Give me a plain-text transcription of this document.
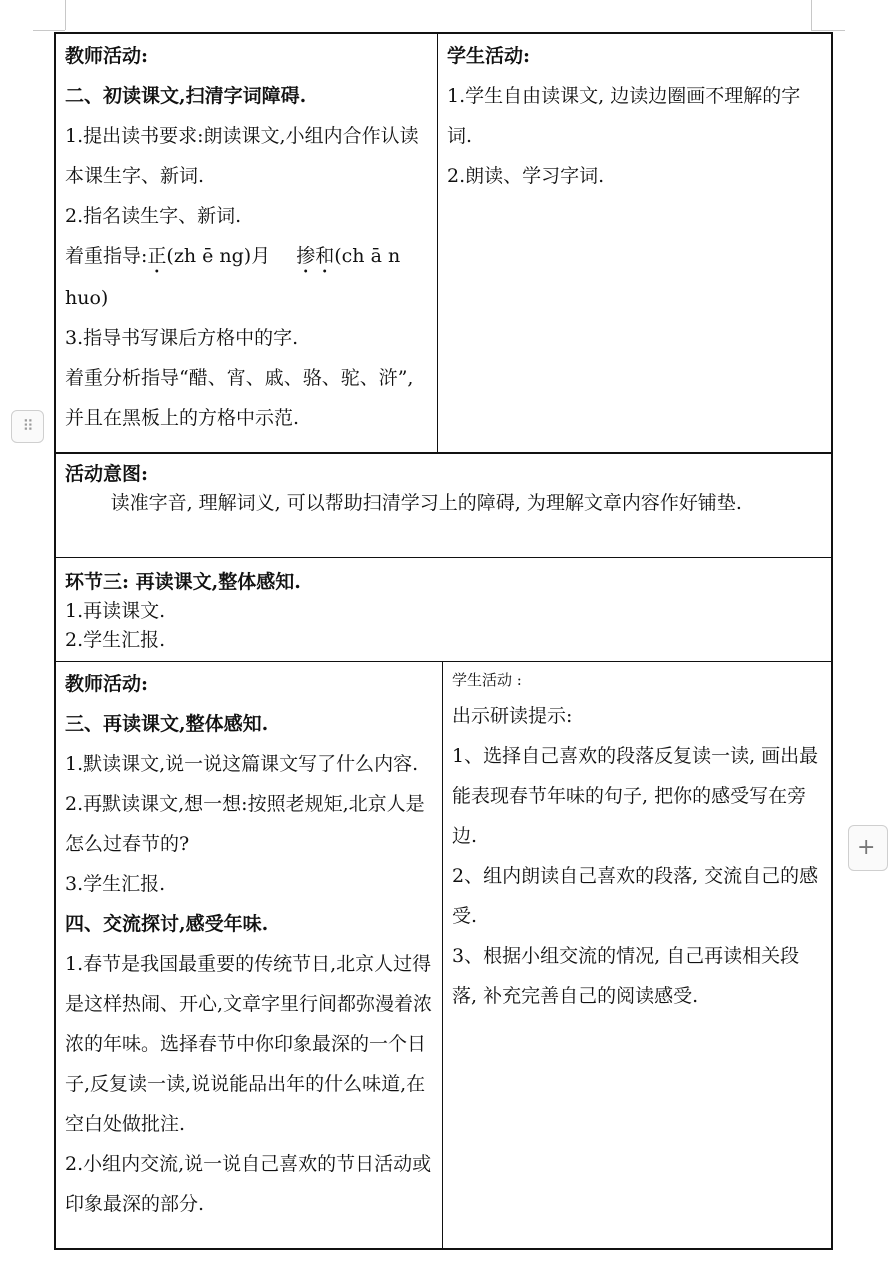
⠿
+

教师活动:

二、初读课文,扫清字词障碍.

1.提出读书要求:朗读课文,小组内合作认读本课生字、新词.

2.指名读生字、新词.

着重指导:正(zh ē ng)月 掺和(ch ā n huo)

3.指导书写课后方格中的字.

着重分析指导“醋、宵、戚、骆、驼、浒”,并且在黑板上的方格中示范.

学生活动:

1.学生自由读课文, 边读边圈画不理解的字词.

2.朗读、学习字词.

活动意图:

读准字音, 理解词义, 可以帮助扫清学习上的障碍, 为理解文章内容作好铺垫.

环节三: 再读课文,整体感知.

1.再读课文.

2.学生汇报.

教师活动:

三、再读课文,整体感知.

1.默读课文,说一说这篇课文写了什么内容.

2.再默读课文,想一想:按照老规矩,北京人是怎么过春节的?

3.学生汇报.

四、交流探讨,感受年味.

1.春节是我国最重要的传统节日,北京人过得是这样热闹、开心,文章字里行间都弥漫着浓浓的年味。选择春节中你印象最深的一个日子,反复读一读,说说能品出年的什么味道,在空白处做批注.

2.小组内交流,说一说自己喜欢的节日活动或印象最深的部分.

学生活动 :

出示研读提示:

1、选择自己喜欢的段落反复读一读, 画出最能表现春节年味的句子, 把你的感受写在旁边.

2、组内朗读自己喜欢的段落, 交流自己的感受.

3、根据小组交流的情况, 自己再读相关段落, 补充完善自己的阅读感受.
